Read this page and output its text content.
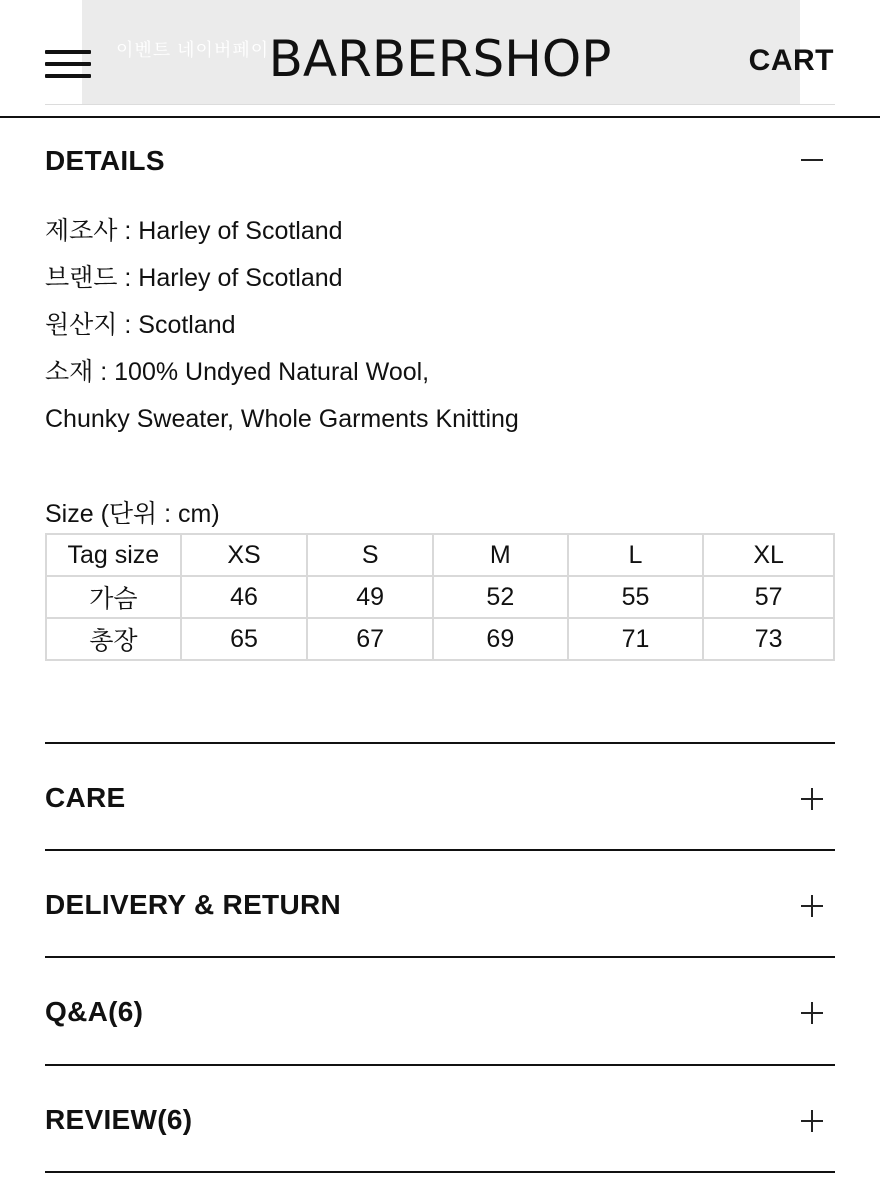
이벤트 네이버페이 BARBERSHOP	CART
DETAILS
제조사 : Harley of Scotland
브랜드 : Harley of Scotland
원산지 : Scotland
소재 : 100% Undyed Natural Wool,
Chunky Sweater, Whole Garments Knitting
Size (단위 : cm)
Tag size	XS	S	M	L	XL
가슴	46	49	52	55	57
총장	65	67	69	71	73
CARE
DELIVERY & RETURN
Q&A(6)
REVIEW(6)
